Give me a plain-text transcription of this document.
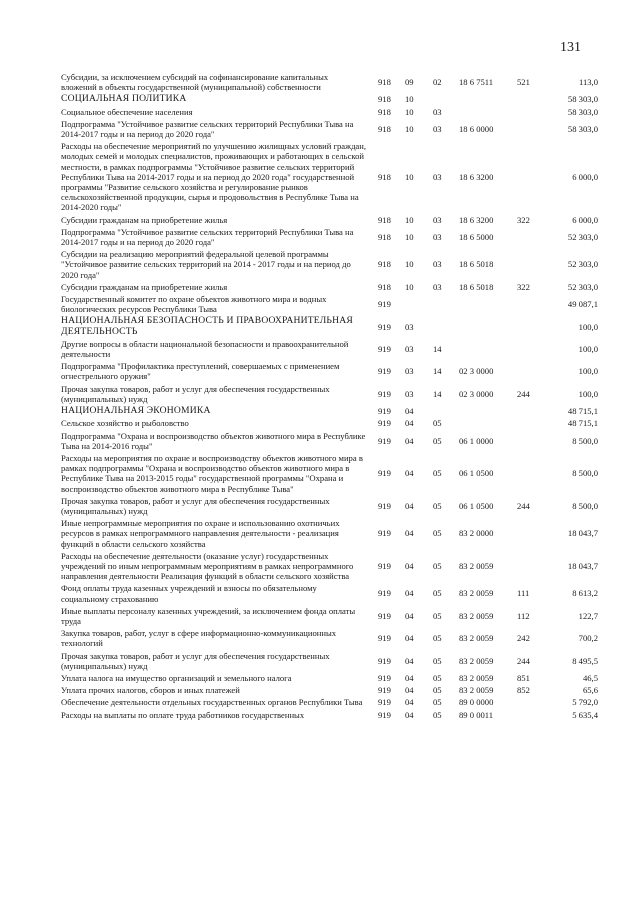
131
Субсидии, за исключением субсидий на софинансирование капитальных вложений в объекты государственной (муниципальной) собственности	918	09	02	18 6 7511	521	113,0
СОЦИАЛЬНАЯ ПОЛИТИКА	918	10				58 303,0
Социальное обеспечение населения	918	10	03			58 303,0
Подпрограмма "Устойчивое развитие сельских территорий Республики Тыва на 2014-2017 годы и на период до 2020 года"	918	10	03	18 6 0000		58 303,0
Расходы на обеспечение мероприятий по улучшению жилищных условий граждан, молодых семей и молодых специалистов, проживающих и работающих в сельской местности, в рамках подпрограммы "Устойчивое развитие сельских территорий Республики Тыва на 2014-2017 годы и на период до 2020 года" государственной программы "Развитие сельского хозяйства и регулирование рынков сельскохозяйственной продукции, сырья и продовольствия в Республике Тыва на 2014-2020 годы"	918	10	03	18 6 3200		6 000,0
Субсидии гражданам на приобретение жилья	918	10	03	18 6 3200	322	6 000,0
Подпрограмма "Устойчивое развитие сельских территорий Республики Тыва на 2014-2017 годы и на период до 2020 года"	918	10	03	18 6 5000		52 303,0
Субсидии на реализацию мероприятий федеральной целевой программы "Устойчивое развитие сельских территорий на 2014 - 2017 годы и на период до 2020 года"	918	10	03	18 6 5018		52 303,0
Субсидии гражданам на приобретение жилья	918	10	03	18 6 5018	322	52 303,0
Государственный комитет по охране объектов животного мира и водных биологических ресурсов Республики Тыва	919					49 087,1
НАЦИОНАЛЬНАЯ БЕЗОПАСНОСТЬ И ПРАВООХРАНИТЕЛЬНАЯ ДЕЯТЕЛЬНОСТЬ	919	03				100,0
Другие вопросы в области национальной безопасности и правоохранительной деятельности	919	03	14			100,0
Подпрограмма "Профилактика преступлений, совершаемых с применением огнестрельного оружия"	919	03	14	02 3 0000		100,0
Прочая закупка товаров, работ и услуг для обеспечения государственных (муниципальных) нужд	919	03	14	02 3 0000	244	100,0
НАЦИОНАЛЬНАЯ ЭКОНОМИКА	919	04				48 715,1
Сельское хозяйство и рыболовство	919	04	05			48 715,1
Подпрограмма "Охрана и воспроизводство объектов животного мира в Республике Тыва на 2014-2016 годы"	919	04	05	06 1 0000		8 500,0
Расходы на мероприятия по охране и воспроизводству объектов животного мира в рамках подпрограммы "Охрана и воспроизводство объектов животного мира в Республике Тыва на 2013-2015 годы" государственной программы "Охрана и воспроизводство объектов животного мира в Республике Тыва"	919	04	05	06 1 0500		8 500,0
Прочая закупка товаров, работ и услуг для обеспечения государственных (муниципальных) нужд	919	04	05	06 1 0500	244	8 500,0
Иные непрограммные мероприятия по охране и использованию охотничьих ресурсов в рамках непрограммного направления деятельности - реализация функций в области сельского хозяйства	919	04	05	83 2 0000		18 043,7
Расходы на обеспечение деятельности (оказание услуг) государственных учреждений по иным непрограммным мероприятиям в рамках непрограммного направления деятельности Реализация функций в области сельского хозяйства	919	04	05	83 2 0059		18 043,7
Фонд оплаты труда казенных учреждений и взносы по обязательному социальному страхованию	919	04	05	83 2 0059	111	8 613,2
Иные выплаты персоналу казенных учреждений, за исключением фонда оплаты труда	919	04	05	83 2 0059	112	122,7
Закупка товаров, работ, услуг в сфере информационно-коммуникационных технологий	919	04	05	83 2 0059	242	700,2
Прочая закупка товаров, работ и услуг для обеспечения государственных (муниципальных) нужд	919	04	05	83 2 0059	244	8 495,5
Уплата налога на имущество организаций и земельного налога	919	04	05	83 2 0059	851	46,5
Уплата прочих налогов, сборов и иных платежей	919	04	05	83 2 0059	852	65,6
Обеспечение деятельности отдельных государственных органов Республики Тыва	919	04	05	89 0 0000		5 792,0
Расходы на выплаты по оплате труда работников государственных	919	04	05	89 0 0011		5 635,4
